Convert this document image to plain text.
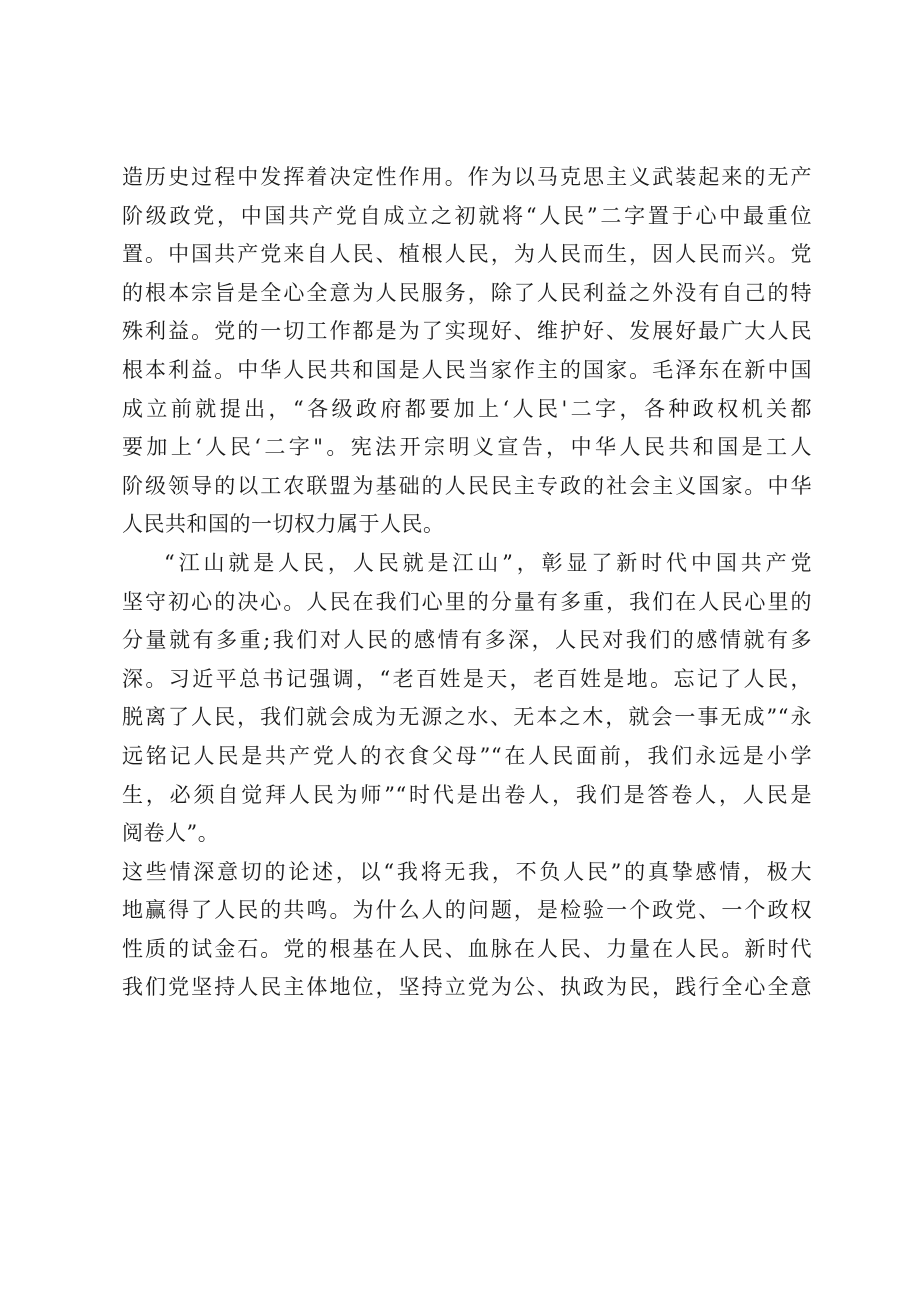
造历史过程中发挥着决定性作用。作为以马克思主义武装起来的无产
阶级政党，中国共产党自成立之初就将“人民”二字置于心中最重位
置。中国共产党来自人民、植根人民，为人民而生，因人民而兴。党
的根本宗旨是全心全意为人民服务，除了人民利益之外没有自己的特
殊利益。党的一切工作都是为了实现好、维护好、发展好最广大人民
根本利益。中华人民共和国是人民当家作主的国家。毛泽东在新中国
成立前就提出，“各级政府都要加上‘人民'二字，各种政权机关都
要加上‘人民‘二字"。宪法开宗明义宣告，中华人民共和国是工人
阶级领导的以工农联盟为基础的人民民主专政的社会主义国家。中华
人民共和国的一切权力属于人民。
“江山就是人民，人民就是江山”，彰显了新时代中国共产党
坚守初心的决心。人民在我们心里的分量有多重，我们在人民心里的
分量就有多重;我们对人民的感情有多深，人民对我们的感情就有多
深。习近平总书记强调，“老百姓是天，老百姓是地。忘记了人民，
脱离了人民，我们就会成为无源之水、无本之木，就会一事无成”“永
远铭记人民是共产党人的衣食父母”“在人民面前，我们永远是小学
生，必须自觉拜人民为师”“时代是出卷人，我们是答卷人，人民是
阅卷人”。
这些情深意切的论述，以“我将无我，不负人民”的真挚感情，极大
地赢得了人民的共鸣。为什么人的问题，是检验一个政党、一个政权
性质的试金石。党的根基在人民、血脉在人民、力量在人民。新时代
我们党坚持人民主体地位，坚持立党为公、执政为民，践行全心全意
